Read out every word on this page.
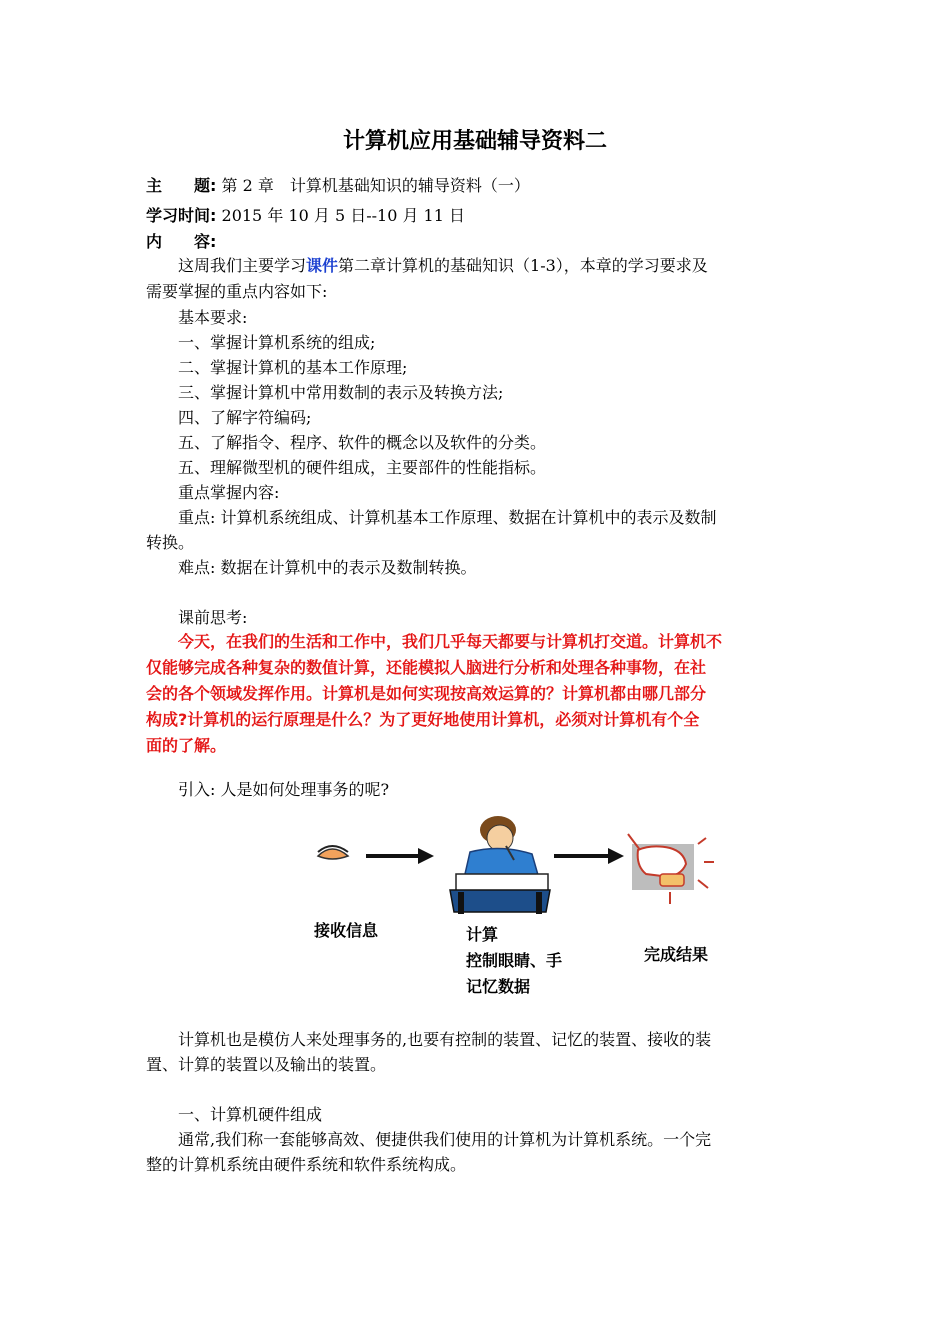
计算机应用基础辅导资料二
主　　题: 第 2 章　计算机基础知识的辅导资料（一）
学习时间: 2015 年 10 月 5 日--10 月 11 日
内　　容:
这周我们主要学习课件第二章计算机的基础知识（1-3），本章的学习要求及
需要掌握的重点内容如下:
基本要求:
一、掌握计算机系统的组成;
二、掌握计算机的基本工作原理;
三、掌握计算机中常用数制的表示及转换方法;
四、了解字符编码;
五、了解指令、程序、软件的概念以及软件的分类。
五、理解微型机的硬件组成，主要部件的性能指标。
重点掌握内容:
重点: 计算机系统组成、计算机基本工作原理、数据在计算机中的表示及数制
转换。
难点: 数据在计算机中的表示及数制转换。
课前思考:
今天，在我们的生活和工作中，我们几乎每天都要与计算机打交道。计算机不
仅能够完成各种复杂的数值计算，还能模拟人脑进行分析和处理各种事物，在社
会的各个领域发挥作用。计算机是如何实现按高效运算的？计算机都由哪几部分
构成?计算机的运行原理是什么？为了更好地使用计算机，必须对计算机有个全
面的了解。
引入: 人是如何处理事务的呢?
接收信息	计算
控制眼睛、手
记忆数据
完成结果
计算机也是模仿人来处理事务的,也要有控制的装置、记忆的装置、接收的装
置、计算的装置以及输出的装置。
一、计算机硬件组成
通常,我们称一套能够高效、便捷供我们使用的计算机为计算机系统。一个完
整的计算机系统由硬件系统和软件系统构成。
